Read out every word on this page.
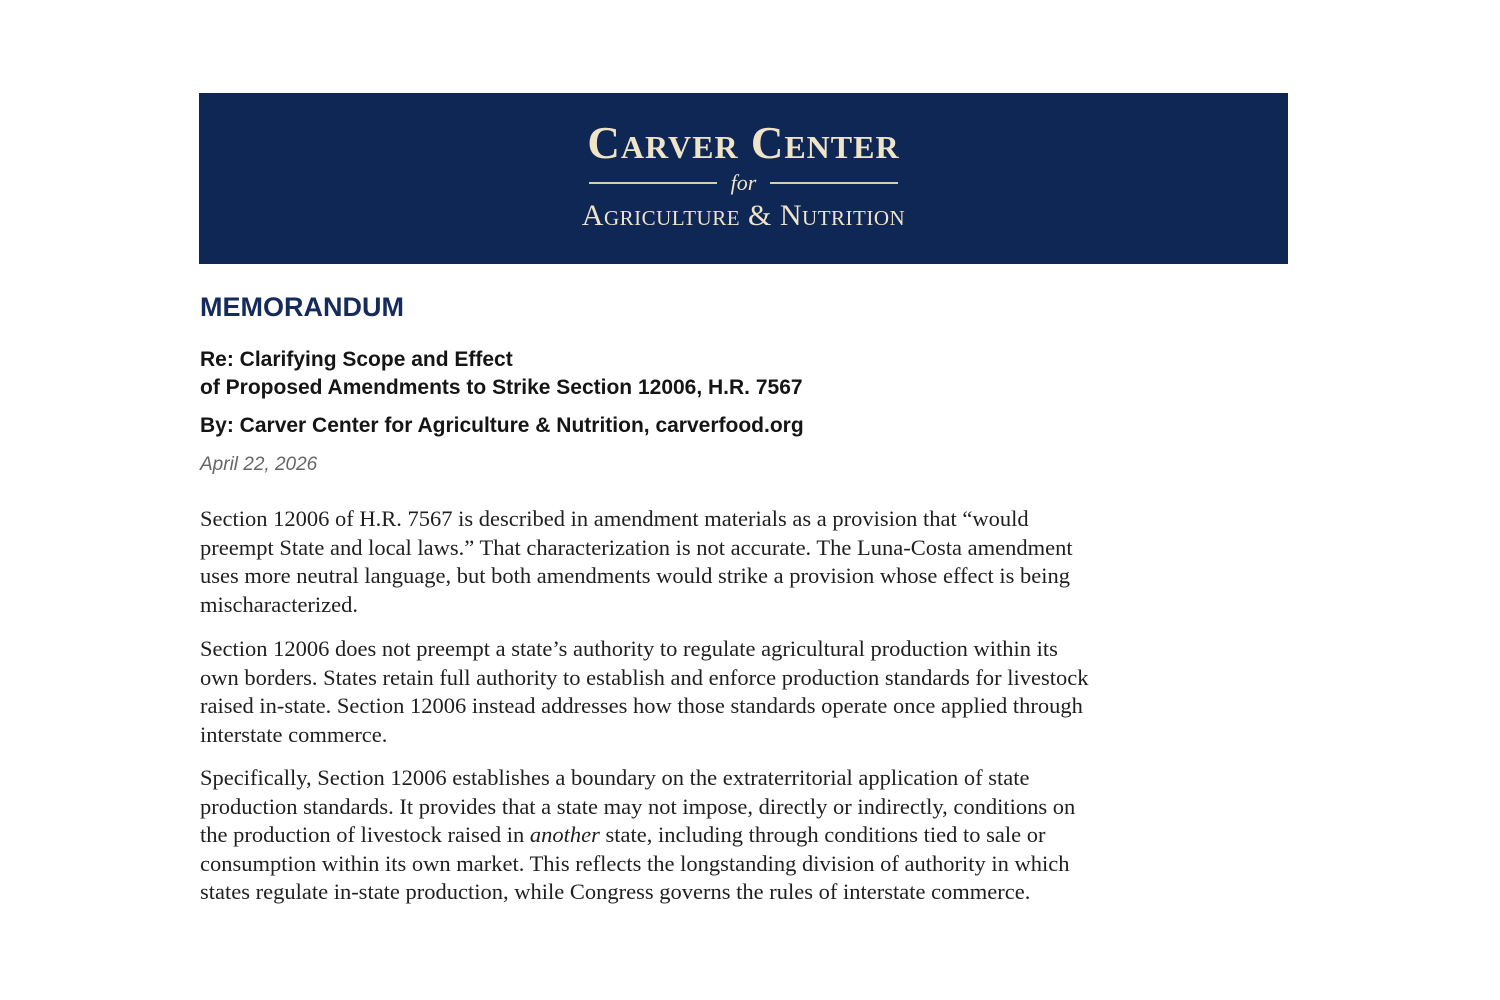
Carver Center
for
Agriculture & Nutrition
MEMORANDUM
Re: Clarifying Scope and Effect
of Proposed Amendments to Strike Section 12006, H.R. 7567
By: Carver Center for Agriculture & Nutrition, carverfood.org
April 22, 2026

Section 12006 of H.R. 7567 is described in amendment materials as a provision that “would
preempt State and local laws.” That characterization is not accurate. The Luna-Costa amendment
uses more neutral language, but both amendments would strike a provision whose effect is being
mischaracterized.

Section 12006 does not preempt a state’s authority to regulate agricultural production within its
own borders. States retain full authority to establish and enforce production standards for livestock
raised in-state. Section 12006 instead addresses how those standards operate once applied through
interstate commerce.

Specifically, Section 12006 establishes a boundary on the extraterritorial application of state
production standards. It provides that a state may not impose, directly or indirectly, conditions on
the production of livestock raised in another state, including through conditions tied to sale or
consumption within its own market. This reflects the longstanding division of authority in which
states regulate in-state production, while Congress governs the rules of interstate commerce.
